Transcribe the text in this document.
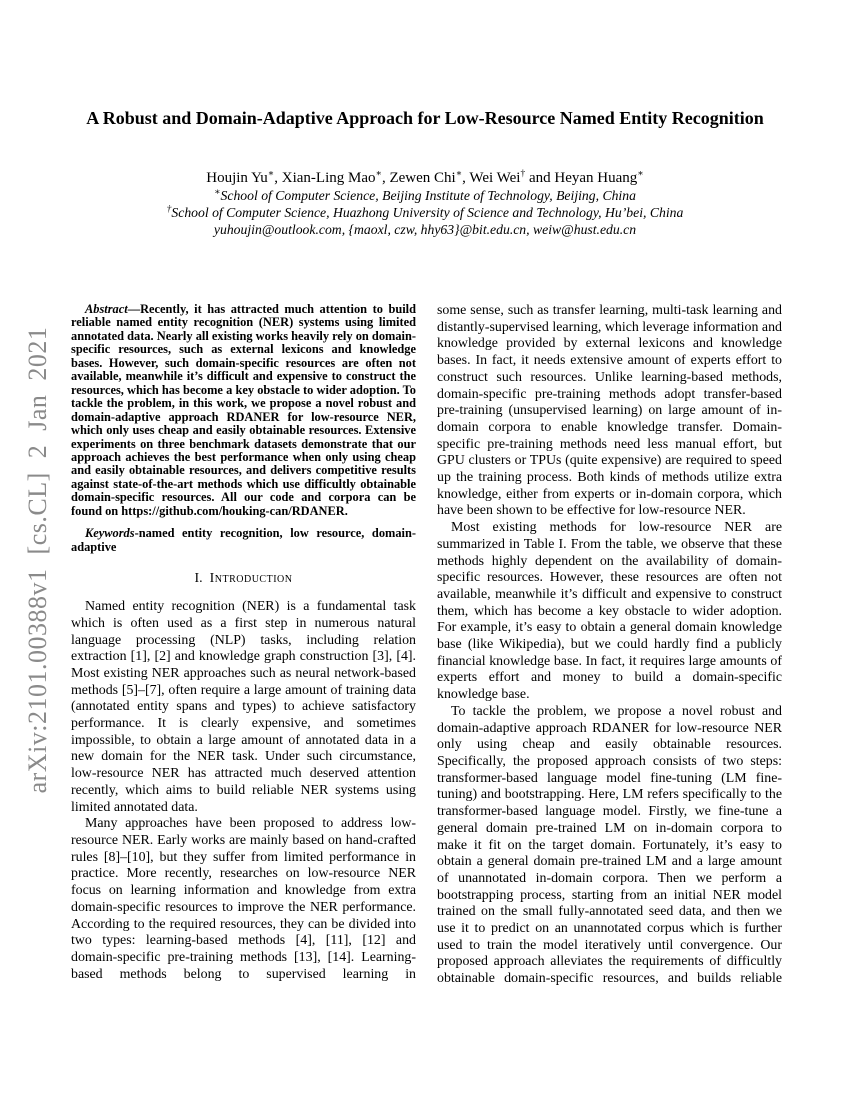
arXiv:2101.00388v1 [cs.CL] 2 Jan 2021
A Robust and Domain-Adaptive Approach for Low-Resource Named Entity Recognition
Houjin Yu∗, Xian-Ling Mao∗, Zewen Chi∗, Wei Wei† and Heyan Huang∗
∗School of Computer Science, Beijing Institute of Technology, Beijing, China
†School of Computer Science, Huazhong University of Science and Technology, Hu’bei, China
yuhoujin@outlook.com, {maoxl, czw, hhy63}@bit.edu.cn, weiw@hust.edu.cn

Abstract—Recently, it has attracted much attention to build reliable named entity recognition (NER) systems using limited annotated data. Nearly all existing works heavily rely on domain-specific resources, such as external lexicons and knowledge bases. However, such domain-specific resources are often not available, meanwhile it’s difficult and expensive to construct the resources, which has become a key obstacle to wider adoption. To tackle the problem, in this work, we propose a novel robust and domain-adaptive approach RDANER for low-resource NER, which only uses cheap and easily obtainable resources. Extensive experiments on three benchmark datasets demonstrate that our approach achieves the best performance when only using cheap and easily obtainable resources, and delivers competitive results against state-of-the-art methods which use difficultly obtainable domain-specific resources. All our code and corpora can be found on https://github.com/houking-can/RDANER.

Keywords-named entity recognition, low resource, domain-adaptive

I. Introduction

Named entity recognition (NER) is a fundamental task which is often used as a first step in numerous natural language processing (NLP) tasks, including relation extraction [1], [2] and knowledge graph construction [3], [4]. Most existing NER approaches such as neural network-based methods [5]–[7], often require a large amount of training data (annotated entity spans and types) to achieve satisfactory performance. It is clearly expensive, and sometimes impossible, to obtain a large amount of annotated data in a new domain for the NER task. Under such circumstance, low-resource NER has attracted much deserved attention recently, which aims to build reliable NER systems using limited annotated data.

Many approaches have been proposed to address low-resource NER. Early works are mainly based on hand-crafted rules [8]–[10], but they suffer from limited performance in practice. More recently, researches on low-resource NER focus on learning information and knowledge from extra domain-specific resources to improve the NER performance. According to the required resources, they can be divided into two types: learning-based methods [4], [11], [12] and domain-specific pre-training methods [13], [14]. Learning-based methods belong to supervised learning in

some sense, such as transfer learning, multi-task learning and distantly-supervised learning, which leverage information and knowledge provided by external lexicons and knowledge bases. In fact, it needs extensive amount of experts effort to construct such resources. Unlike learning-based methods, domain-specific pre-training methods adopt transfer-based pre-training (unsupervised learning) on large amount of in-domain corpora to enable knowledge transfer. Domain-specific pre-training methods need less manual effort, but GPU clusters or TPUs (quite expensive) are required to speed up the training process. Both kinds of methods utilize extra knowledge, either from experts or in-domain corpora, which have been shown to be effective for low-resource NER.

Most existing methods for low-resource NER are summarized in Table I. From the table, we observe that these methods highly dependent on the availability of domain-specific resources. However, these resources are often not available, meanwhile it’s difficult and expensive to construct them, which has become a key obstacle to wider adoption. For example, it’s easy to obtain a general domain knowledge base (like Wikipedia), but we could hardly find a publicly financial knowledge base. In fact, it requires large amounts of experts effort and money to build a domain-specific knowledge base.

To tackle the problem, we propose a novel robust and domain-adaptive approach RDANER for low-resource NER only using cheap and easily obtainable resources. Specifically, the proposed approach consists of two steps: transformer-based language model fine-tuning (LM fine-tuning) and bootstrapping. Here, LM refers specifically to the transformer-based language model. Firstly, we fine-tune a general domain pre-trained LM on in-domain corpora to make it fit on the target domain. Fortunately, it’s easy to obtain a general domain pre-trained LM and a large amount of unannotated in-domain corpora. Then we perform a bootstrapping process, starting from an initial NER model trained on the small fully-annotated seed data, and then we use it to predict on an unannotated corpus which is further used to train the model iteratively until convergence. Our proposed approach alleviates the requirements of difficultly obtainable domain-specific resources, and builds reliable
